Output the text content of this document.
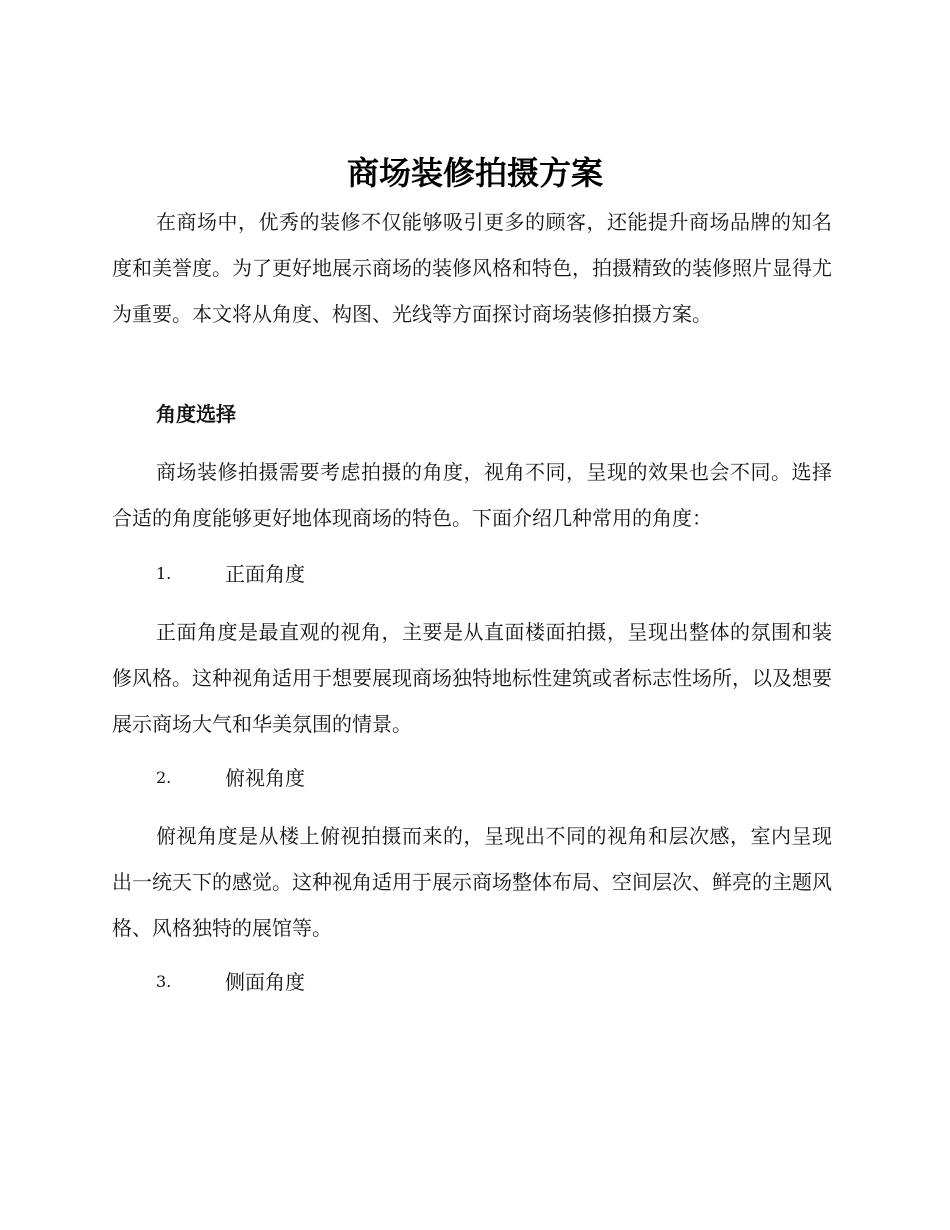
商场装修拍摄方案

在商场中，优秀的装修不仅能够吸引更多的顾客，还能提升商场品牌的知名度和美誉度。为了更好地展示商场的装修风格和特色，拍摄精致的装修照片显得尤为重要。本文将从角度、构图、光线等方面探讨商场装修拍摄方案。

角度选择

商场装修拍摄需要考虑拍摄的角度，视角不同，呈现的效果也会不同。选择合适的角度能够更好地体现商场的特色。下面介绍几种常用的角度：

1.	正面角度

正面角度是最直观的视角，主要是从直面楼面拍摄，呈现出整体的氛围和装修风格。这种视角适用于想要展现商场独特地标性建筑或者标志性场所，以及想要展示商场大气和华美氛围的情景。

2.	俯视角度

俯视角度是从楼上俯视拍摄而来的，呈现出不同的视角和层次感，室内呈现出一统天下的感觉。这种视角适用于展示商场整体布局、空间层次、鲜亮的主题风格、风格独特的展馆等。

3.	侧面角度
